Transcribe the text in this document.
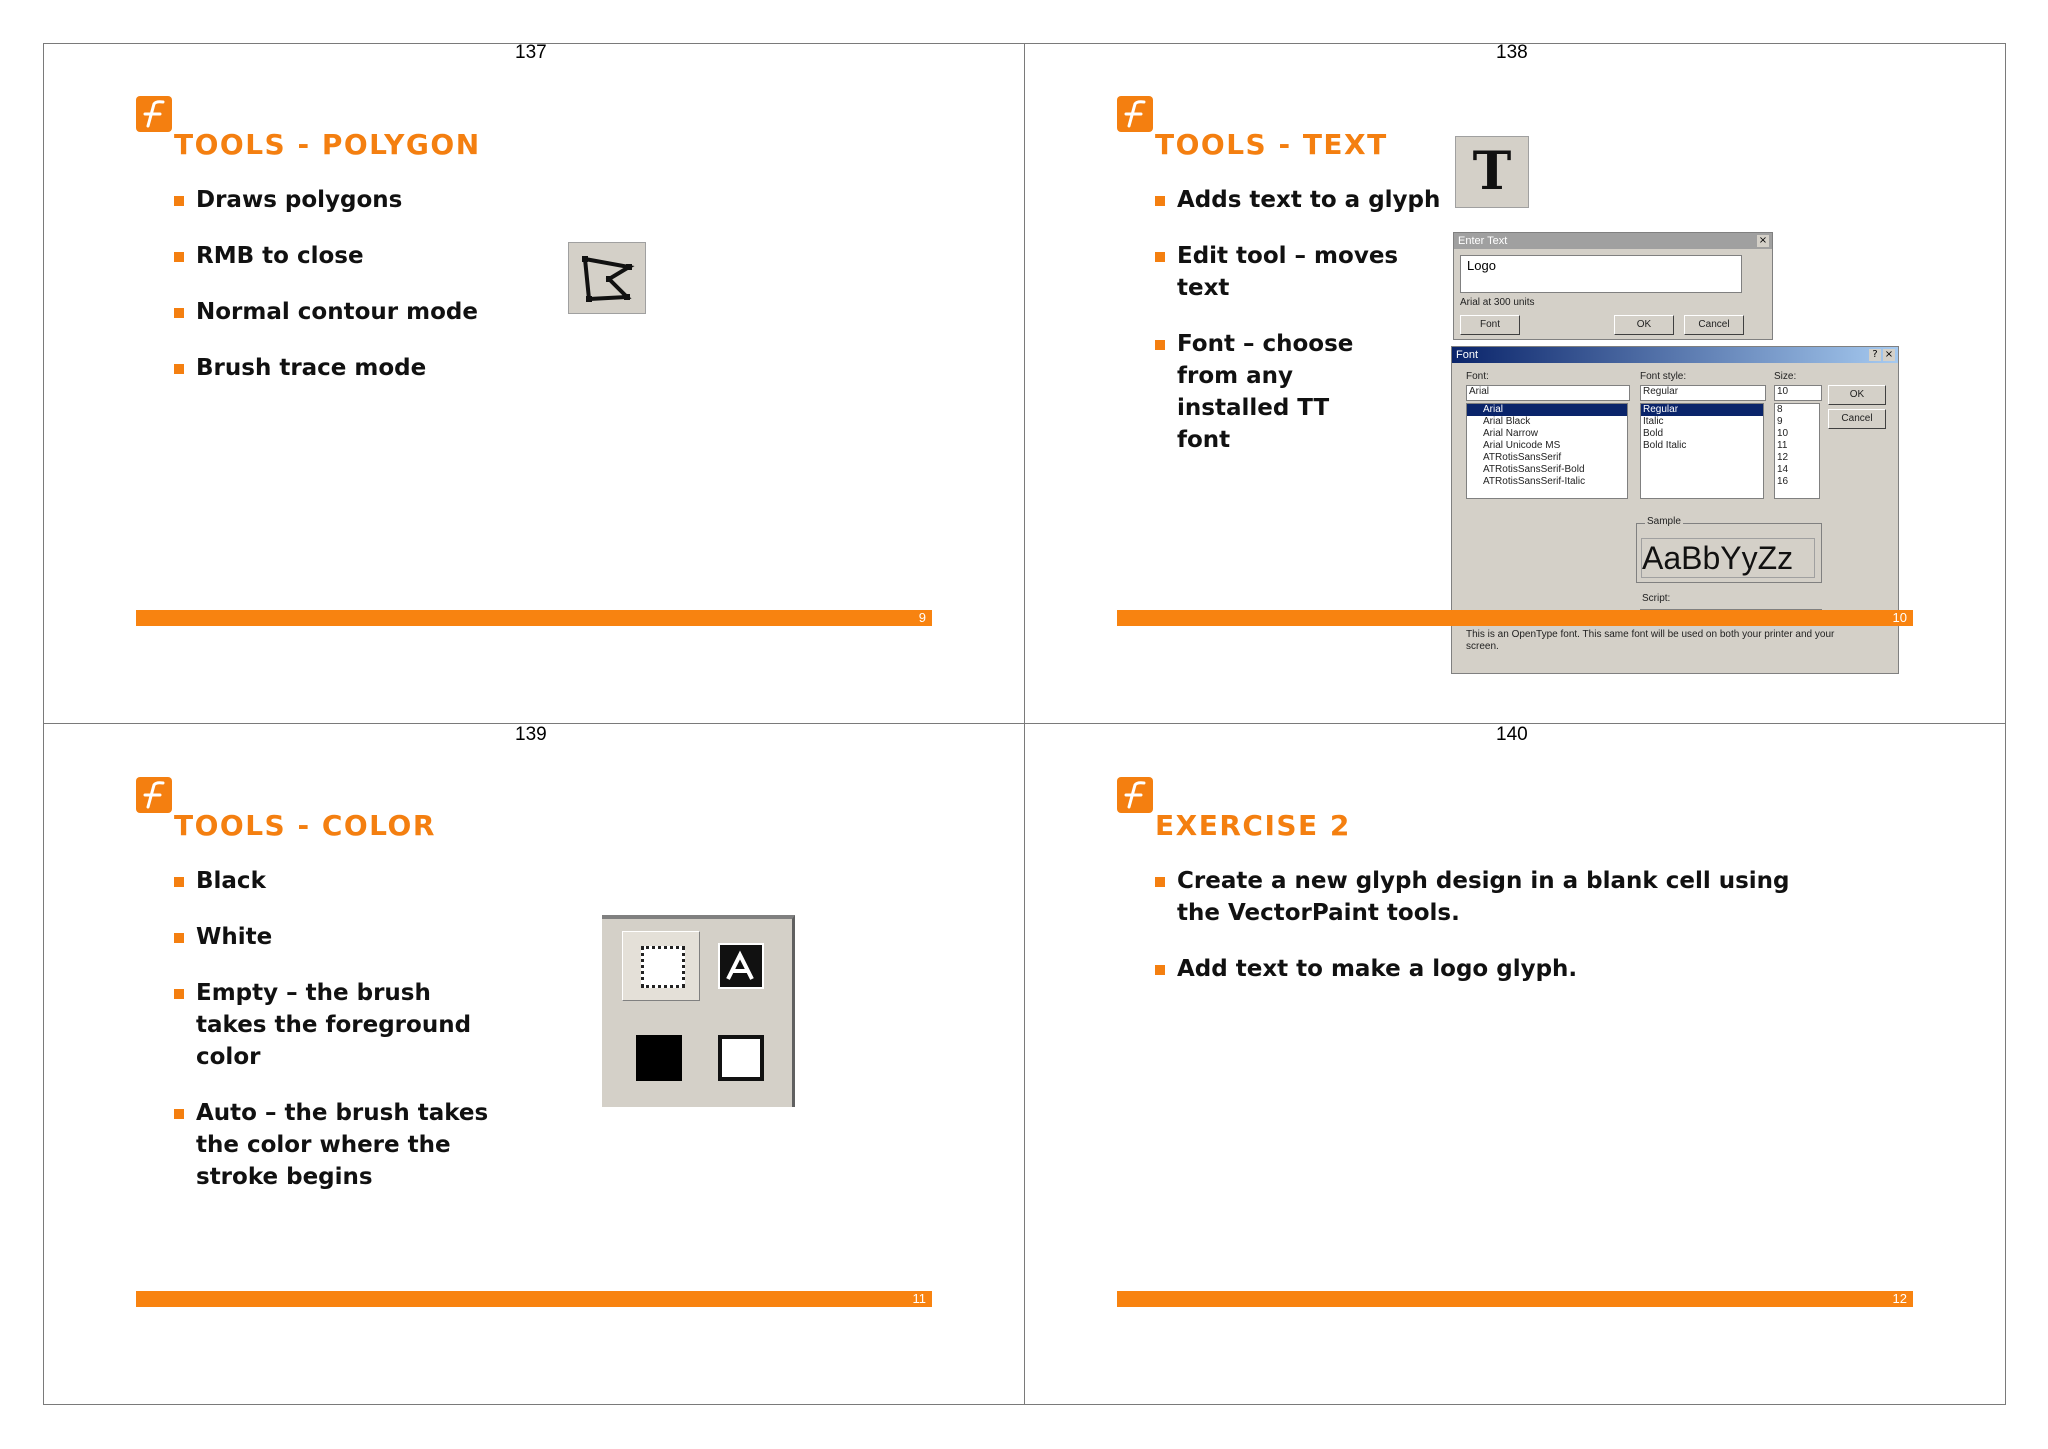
137	138
139	140
TOOLS - POLYGON
Draws polygons
RMB to close
Normal contour mode
Brush trace mode
9
TOOLS - TEXT
Adds text to a glyph
Edit tool – moves text
Font – choose from any installed TT font
T
Enter Text	×
Logo
Arial at 300 units
Font	OK	Cancel
Font	? ×
Font:
Arial
Arial
Arial Black
Arial Narrow
Arial Unicode MS
ATRotisSansSerif
ATRotisSansSerif-Bold
ATRotisSansSerif-Italic
Font style:
Regular
Regular
Italic
Bold
Bold Italic
Size:
10
8
9
10
11
12
14
16
OK
Cancel
Sample
AaBbYyZz
Script:
This is an OpenType font. This same font will be used on both your printer and your screen.
10
TOOLS - COLOR
Black
White
Empty – the brush takes the foreground color
Auto – the brush takes the color where the stroke begins
11
EXERCISE 2
Create a new glyph design in a blank cell using the VectorPaint tools.
Add text to make a logo glyph.
12
